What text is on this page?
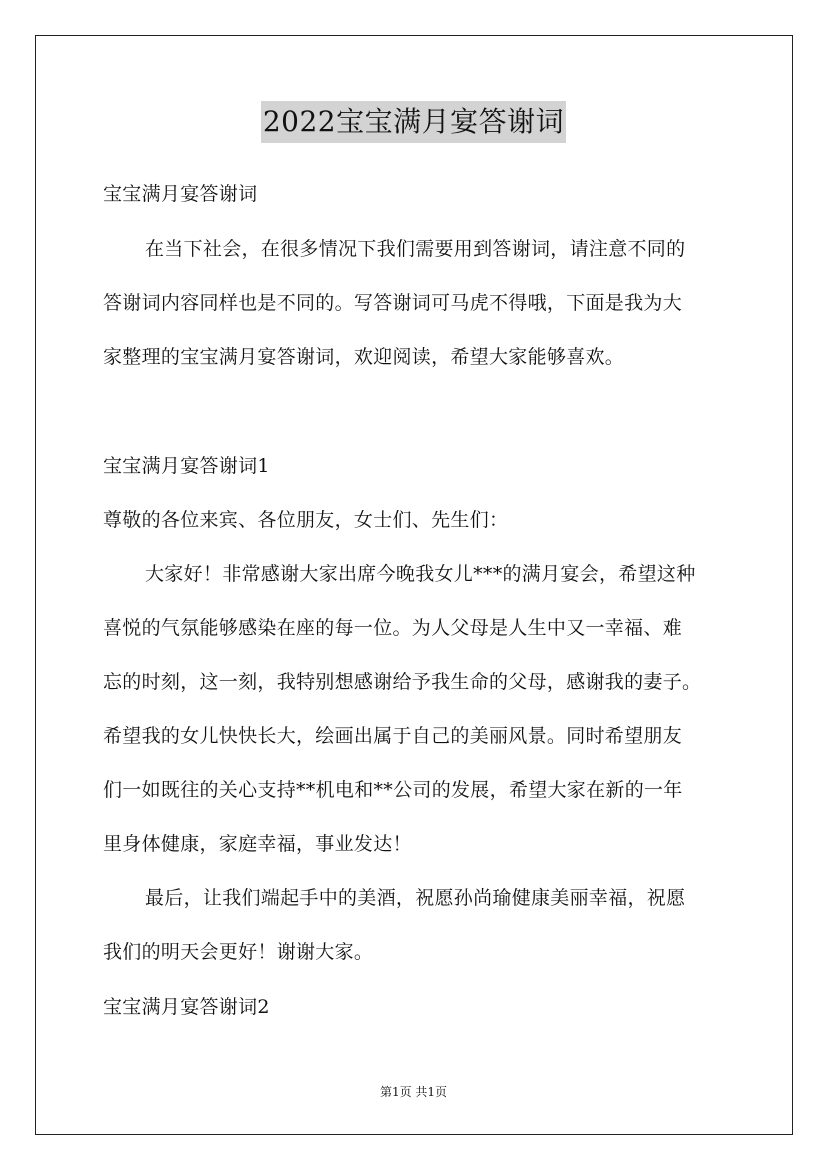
2022宝宝满月宴答谢词
宝宝满月宴答谢词
在当下社会，在很多情况下我们需要用到答谢词，请注意不同的
答谢词内容同样也是不同的。写答谢词可马虎不得哦，下面是我为大
家整理的宝宝满月宴答谢词，欢迎阅读，希望大家能够喜欢。
宝宝满月宴答谢词1
尊敬的各位来宾、各位朋友，女士们、先生们：
大家好！非常感谢大家出席今晚我女儿***的满月宴会，希望这种
喜悦的气氛能够感染在座的每一位。为人父母是人生中又一幸福、难
忘的时刻，这一刻，我特别想感谢给予我生命的父母，感谢我的妻子。
希望我的女儿快快长大，绘画出属于自己的美丽风景。同时希望朋友
们一如既往的关心支持**机电和**公司的发展，希望大家在新的一年
里身体健康，家庭幸福，事业发达！
最后，让我们端起手中的美酒，祝愿孙尚瑜健康美丽幸福，祝愿
我们的明天会更好！谢谢大家。
宝宝满月宴答谢词2
第1页 共1页
